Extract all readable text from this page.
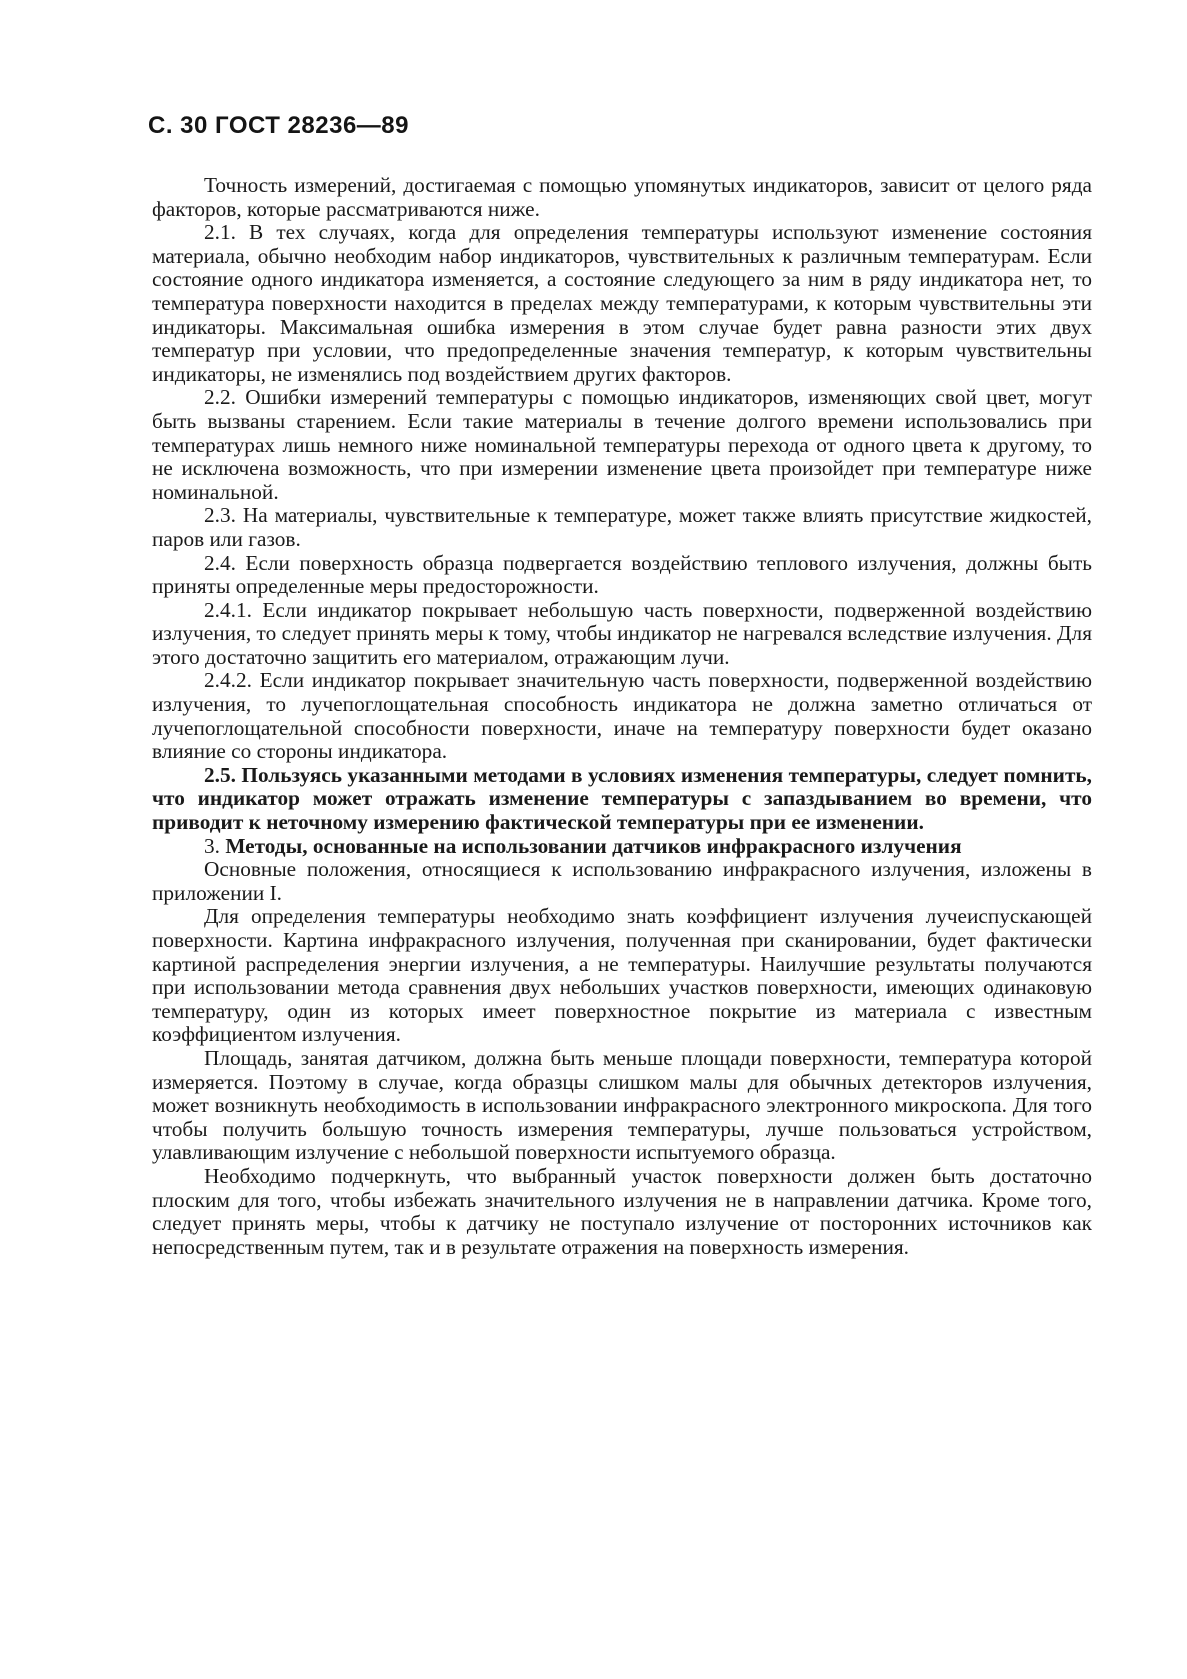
С. 30 ГОСТ 28236—89

Точность измерений, достигаемая с помощью упомянутых индикаторов, зависит от целого ряда факторов, которые рассматриваются ниже.

2.1. В тех случаях, когда для определения температуры используют изменение состояния материала, обычно необходим набор индикаторов, чувствительных к различным температурам. Если состояние одного индикатора изменяется, а состояние следующего за ним в ряду индикатора нет, то температура поверхности находится в пределах между температурами, к которым чувствительны эти индикаторы. Максимальная ошибка измерения в этом случае будет равна разности этих двух температур при условии, что предопределенные значения температур, к которым чувствительны индикаторы, не изменялись под воздействием других факторов.

2.2. Ошибки измерений температуры с помощью индикаторов, изменяющих свой цвет, могут быть вызваны старением. Если такие материалы в течение долгого времени использовались при температурах лишь немного ниже номинальной температуры перехода от одного цвета к другому, то не исключена возможность, что при измерении изменение цвета произойдет при температуре ниже номинальной.

2.3. На материалы, чувствительные к температуре, может также влиять присутствие жидкостей, паров или газов.

2.4. Если поверхность образца подвергается воздействию теплового излучения, должны быть приняты определенные меры предосторожности.

2.4.1. Если индикатор покрывает небольшую часть поверхности, подверженной воздействию излучения, то следует принять меры к тому, чтобы индикатор не нагревался вследствие излучения. Для этого достаточно защитить его материалом, отражающим лучи.

2.4.2. Если индикатор покрывает значительную часть поверхности, подверженной воздействию излучения, то лучепоглощательная способность индикатора не должна заметно отличаться от лучепоглощательной способности поверхности, иначе на температуру поверхности будет оказано влияние со стороны индикатора.

2.5. Пользуясь указанными методами в условиях изменения температуры, следует помнить, что индикатор может отражать изменение температуры с запаздыванием во времени, что приводит к неточному измерению фактической температуры при ее изменении.

3. Методы, основанные на использовании датчиков инфракрасного излучения

Основные положения, относящиеся к использованию инфракрасного излучения, изложены в приложении I.

Для определения температуры необходимо знать коэффициент излучения лучеиспускающей поверхности. Картина инфракрасного излучения, полученная при сканировании, будет фактически картиной распределения энергии излучения, а не температуры. Наилучшие результаты получаются при использовании метода сравнения двух небольших участков поверхности, имеющих одинаковую температуру, один из которых имеет поверхностное покрытие из материала с известным коэффициентом излучения.

Площадь, занятая датчиком, должна быть меньше площади поверхности, температура которой измеряется. Поэтому в случае, когда образцы слишком малы для обычных детекторов излучения, может возникнуть необходимость в использовании инфракрасного электронного микроскопа. Для того чтобы получить большую точность измерения температуры, лучше пользоваться устройством, улавливающим излучение с небольшой поверхности испытуемого образца.

Необходимо подчеркнуть, что выбранный участок поверхности должен быть достаточно плоским для того, чтобы избежать значительного излучения не в направлении датчика. Кроме того, следует принять меры, чтобы к датчику не поступало излучение от посторонних источников как непосредственным путем, так и в результате отражения на поверхность измерения.
